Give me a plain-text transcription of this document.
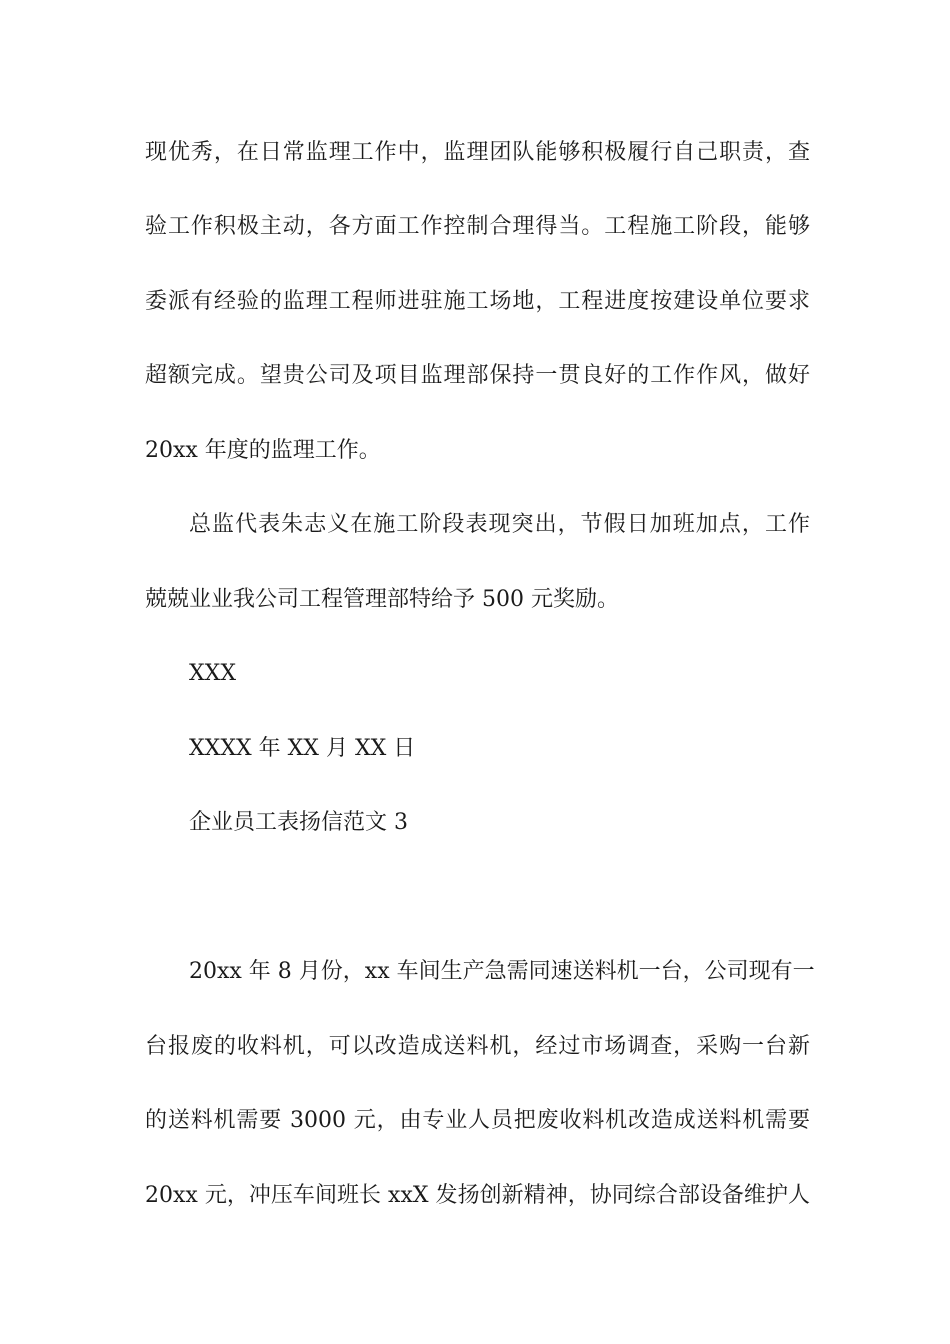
现优秀，在日常监理工作中，监理团队能够积极履行自己职责，查
验工作积极主动，各方面工作控制合理得当。工程施工阶段，能够
委派有经验的监理工程师进驻施工场地，工程进度按建设单位要求
超额完成。望贵公司及项目监理部保持一贯良好的工作作风，做好
20xx 年度的监理工作。
总监代表朱志义在施工阶段表现突出，节假日加班加点，工作
兢兢业业我公司工程管理部特给予 500 元奖励。
XXX
XXXX 年 XX 月 XX 日
企业员工表扬信范文 3
20xx 年 8 月份，xx 车间生产急需同速送料机一台，公司现有一
台报废的收料机，可以改造成送料机，经过市场调查，采购一台新
的送料机需要 3000 元，由专业人员把废收料机改造成送料机需要
20xx 元，冲压车间班长 xxX 发扬创新精神，协同综合部设备维护人
